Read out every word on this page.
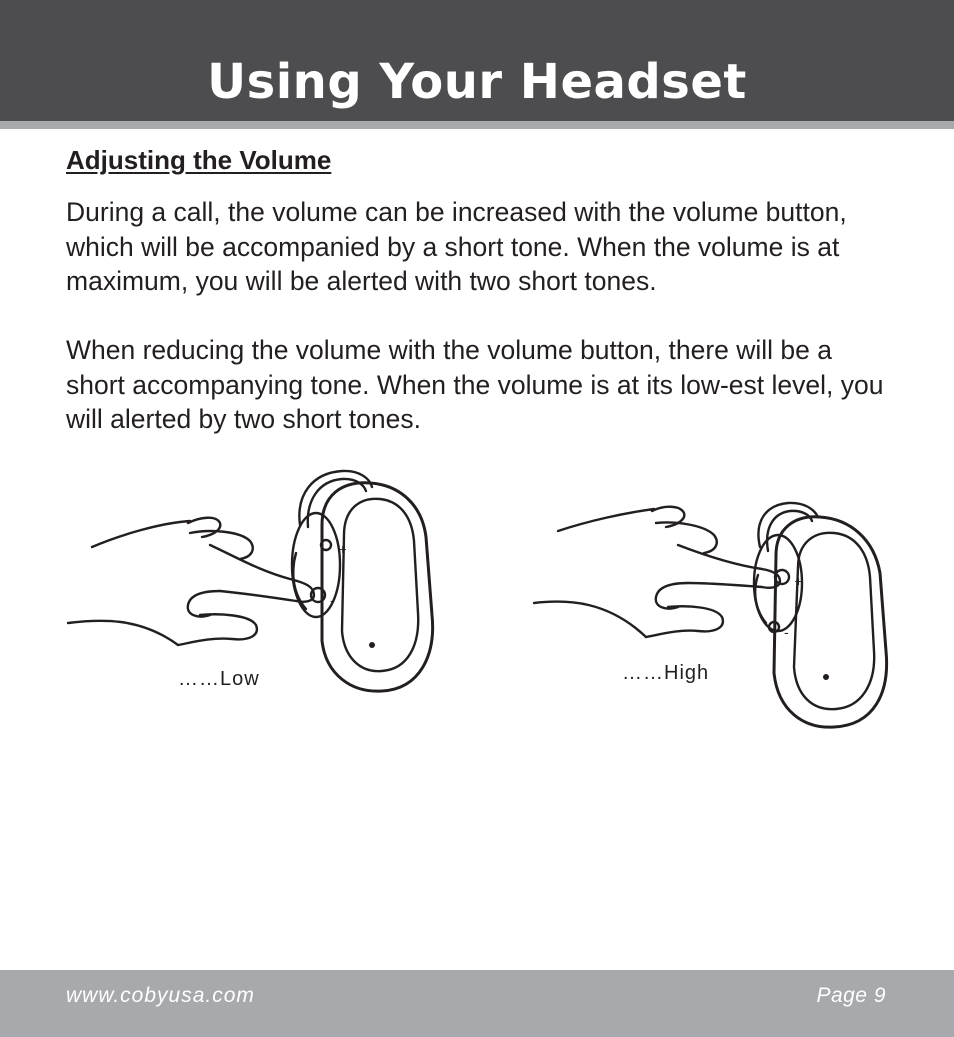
Using Your Headset
Adjusting the Volume

During a call, the volume can be increased with the volume button, which will be accompanied by a short tone. When the volume is at maximum, you will be alerted with two short tones.

When reducing the volume with the volume button, there will be a short accompanying tone. When the volume is at its low-est level, you will alerted by two short tones.

+
-
……Low
+
-
……High
www.cobyusa.com	Page 9
